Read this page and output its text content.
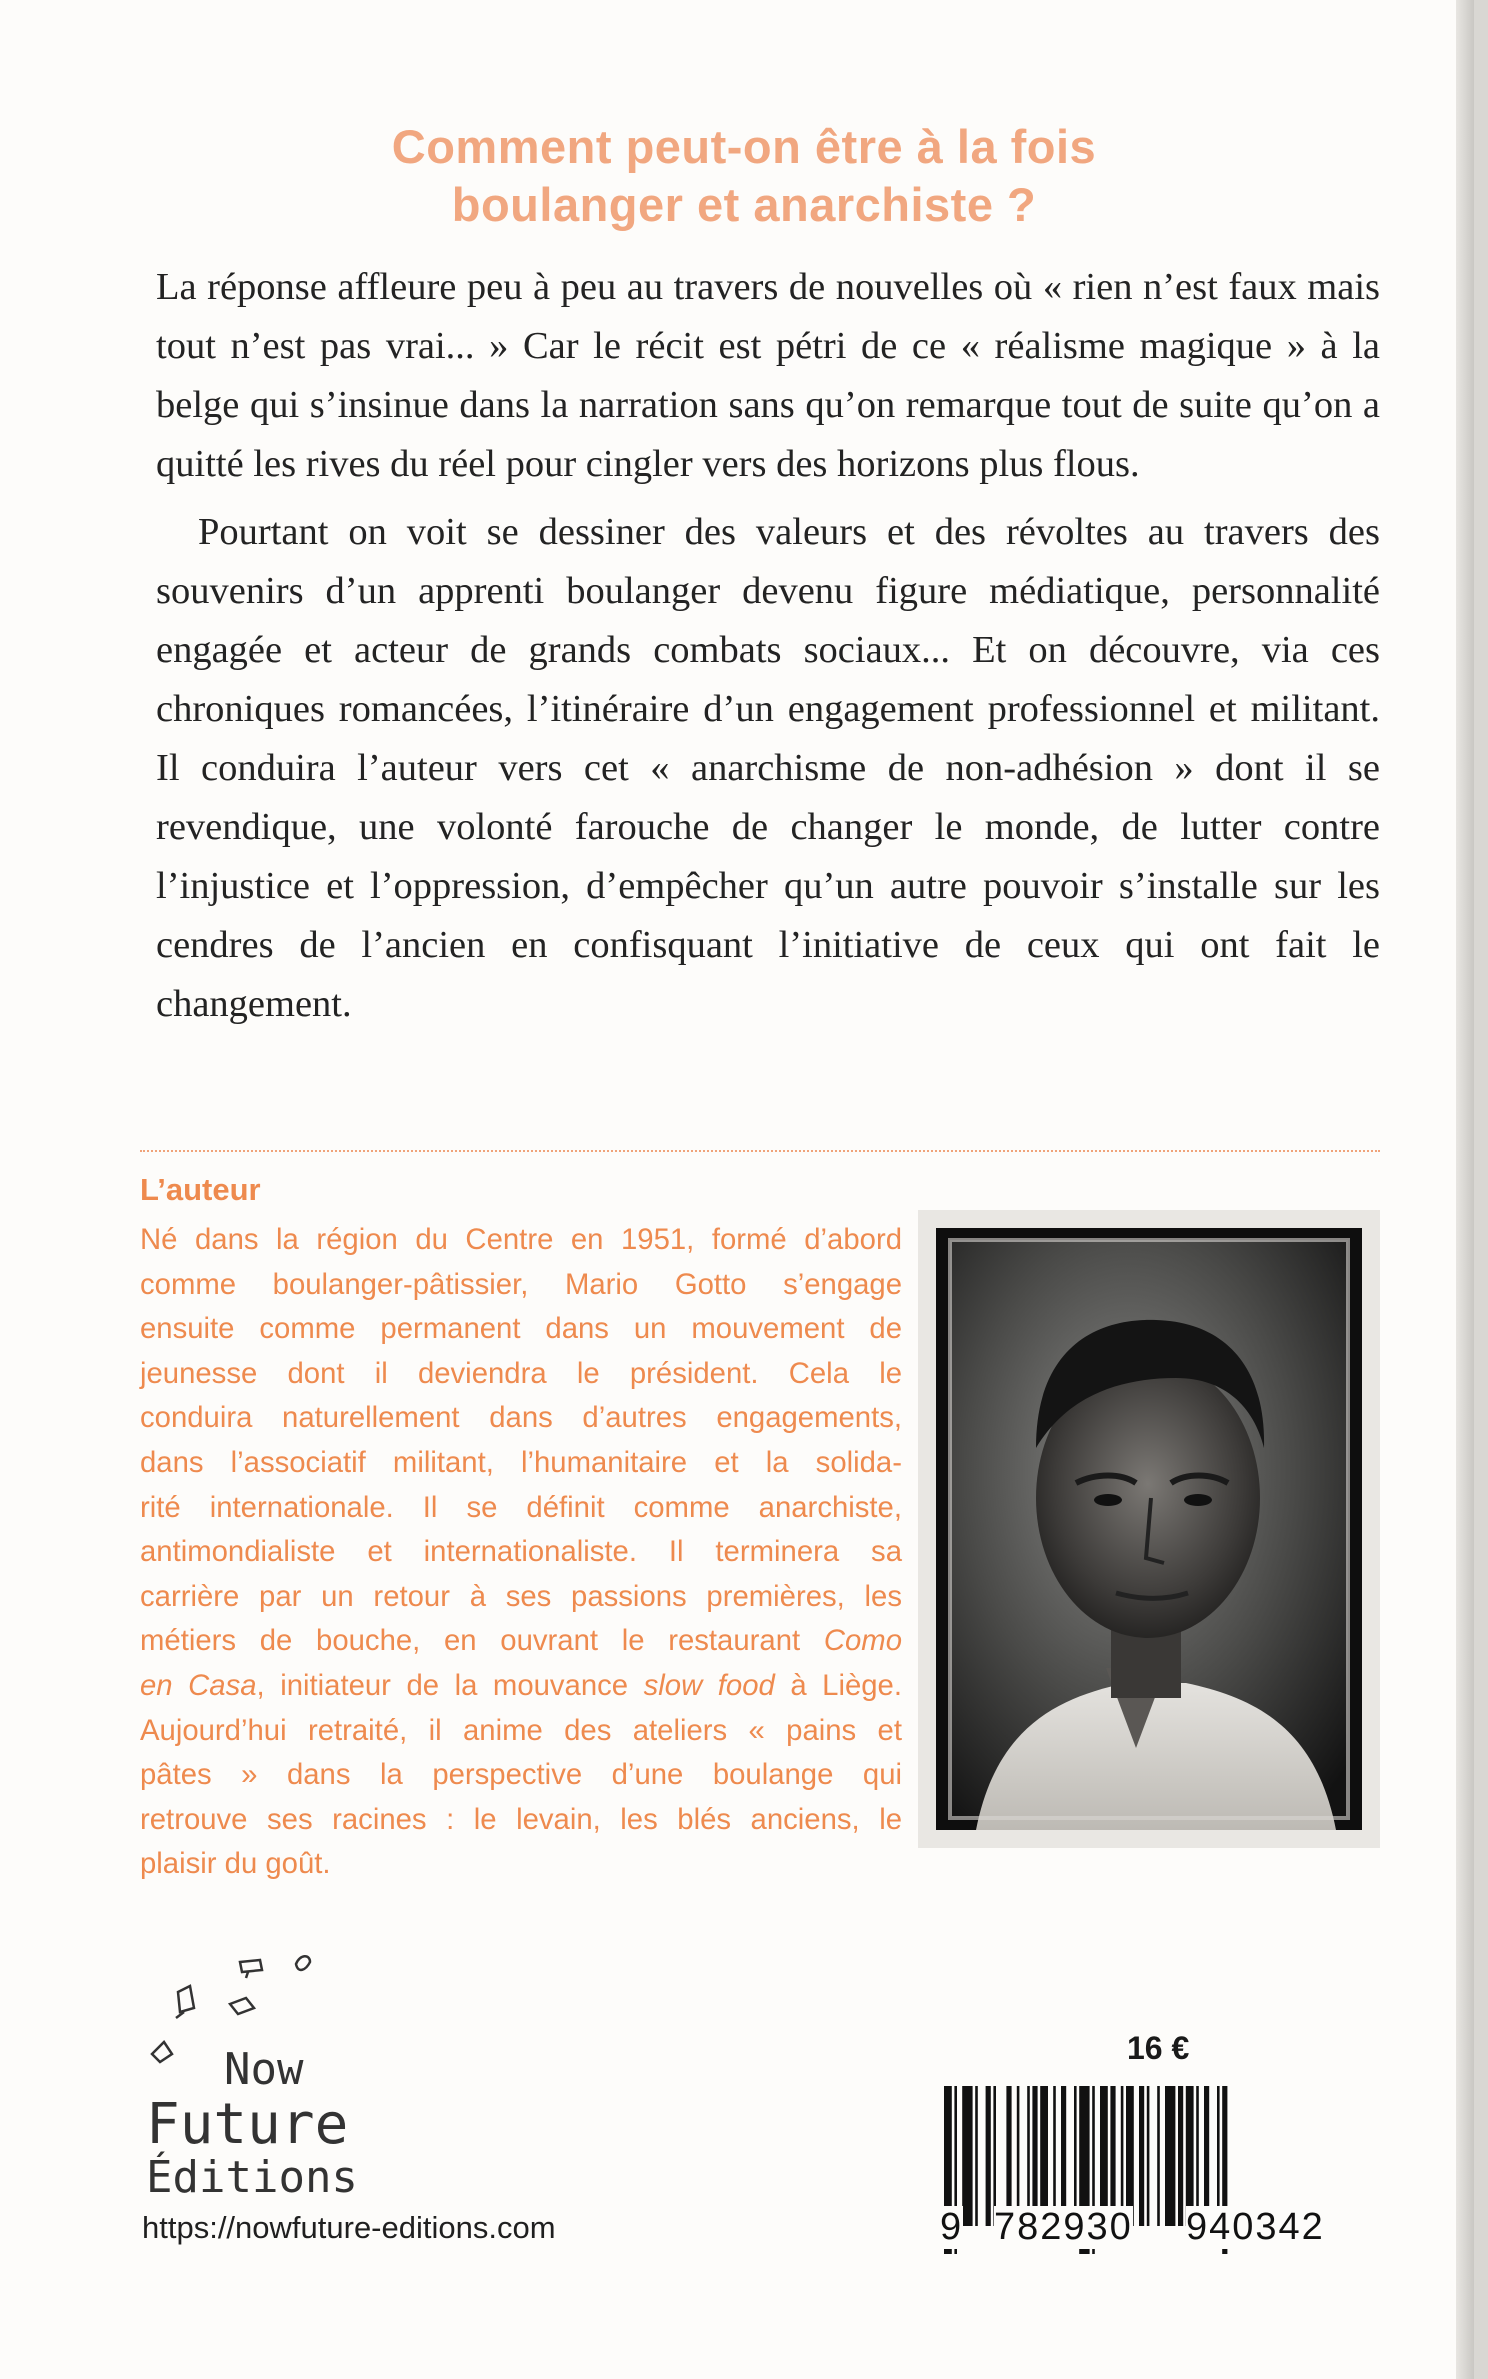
Comment peut-on être à la fois
boulanger et anarchiste ?

La réponse affleure peu à peu au travers de nouvelles où « rien n’est faux mais tout n’est pas vrai... » Car le récit est pétri de ce « réalisme magique » à la belge qui s’insinue dans la narration sans qu’on remarque tout de suite qu’on a quitté les rives du réel pour cingler vers des horizons plus flous.

Pourtant on voit se dessiner des valeurs et des révoltes au travers des souvenirs d’un apprenti boulanger devenu figure médiatique, personnalité engagée et acteur de grands combats sociaux... Et on découvre, via ces chroniques romancées, l’itinéraire d’un engagement professionnel et militant. Il conduira l’auteur vers cet « anarchisme de non-adhésion » dont il se revendique, une volonté farouche de changer le monde, de lutter contre l’injustice et l’oppression, d’empêcher qu’un autre pouvoir s’installe sur les cendres de l’ancien en confisquant l’initiative de ceux qui ont fait le changement.

L’auteur
Né dans la région du Centre en 1951, formé d’abord
comme boulanger-pâtissier, Mario Gotto s’engage
ensuite comme permanent dans un mouvement de
jeunesse dont il deviendra le président. Cela le
conduira naturellement dans d’autres engagements,
dans l’associatif militant, l’humanitaire et la solida-
rité internationale. Il se définit comme anarchiste,
antimondialiste et internationaliste. Il terminera sa
carrière par un retour à ses passions premières, les
métiers de bouche, en ouvrant le restaurant Como
en Casa, initiateur de la mouvance slow food à Liège.
Aujourd’hui retraité, il anime des ateliers « pains et
pâtes » dans la perspective d’une boulange qui
retrouve ses racines : le levain, les blés anciens, le
plaisir du goût.
Now
Future
Éditions
https://nowfuture-editions.com
16 €
9 782930 940342
